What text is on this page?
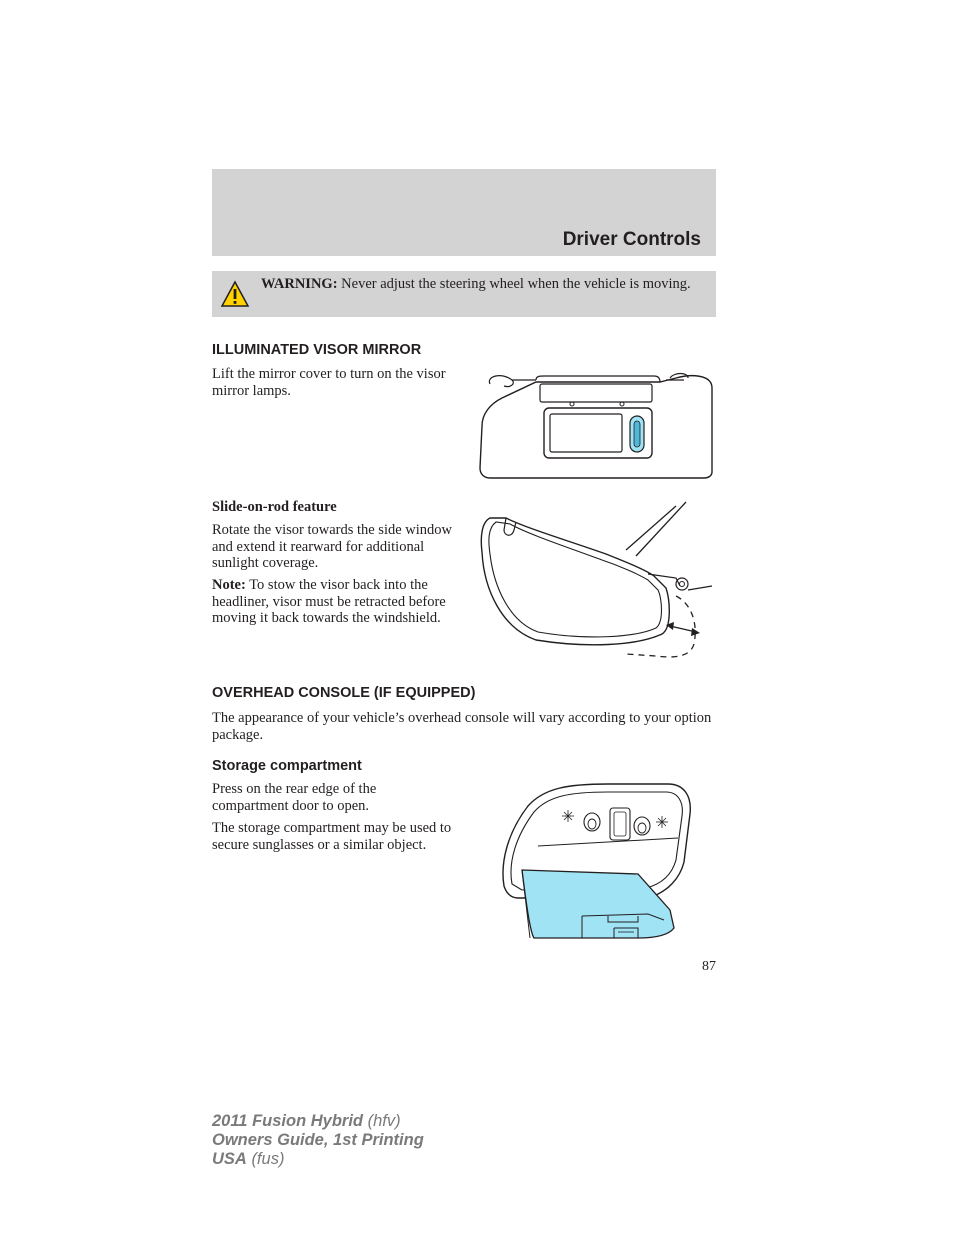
Driver Controls
WARNING: Never adjust the steering wheel when the vehicle is moving.
ILLUMINATED VISOR MIRROR

Lift the mirror cover to turn on the visor mirror lamps.

Slide-on-rod feature

Rotate the visor towards the side window and extend it rearward for additional sunlight coverage.

Note: To stow the visor back into the headliner, visor must be retracted before moving it back towards the windshield.

OVERHEAD CONSOLE (IF EQUIPPED)

The appearance of your vehicle’s overhead console will vary according to your option package.

Storage compartment

Press on the rear edge of the compartment door to open.

The storage compartment may be used to secure sunglasses or a similar object.

87
2011 Fusion Hybrid (hfv)
Owners Guide, 1st Printing
USA (fus)
